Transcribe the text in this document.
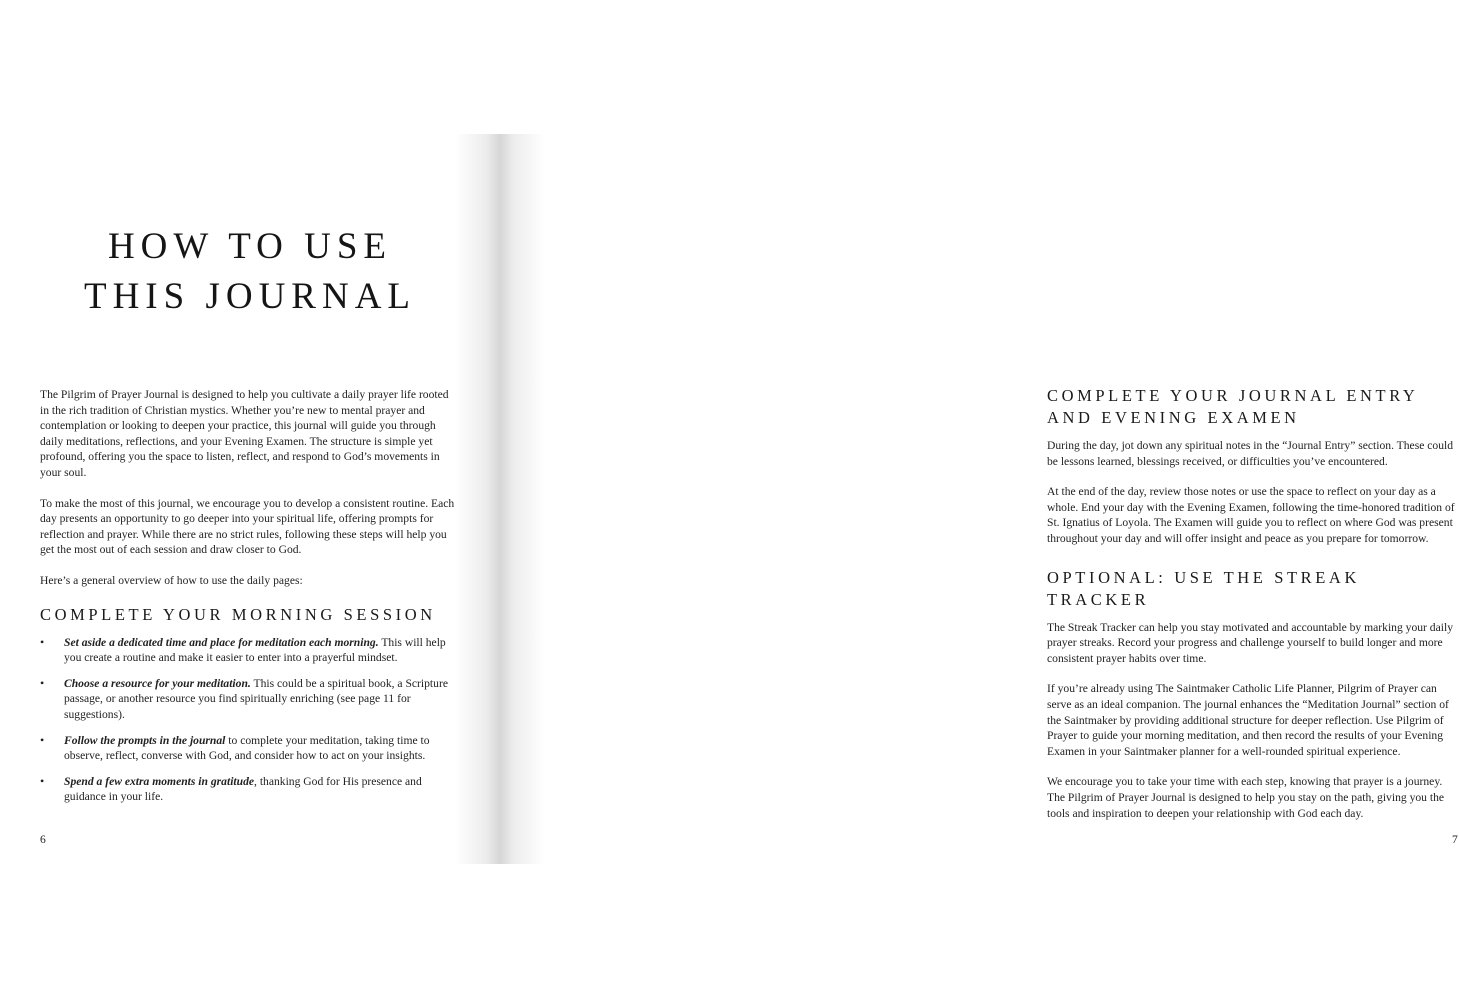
HOW TO USE
THIS JOURNAL

The Pilgrim of Prayer Journal is designed to help you cultivate a daily prayer life rooted in the rich tradition of Christian mystics. Whether you’re new to mental prayer and contemplation or looking to deepen your practice, this journal will guide you through daily meditations, reflections, and your Evening Examen. The structure is simple yet profound, offering you the space to listen, reflect, and respond to God’s movements in your soul.

To make the most of this journal, we encourage you to develop a consistent routine. Each day presents an opportunity to go deeper into your spiritual life, offering prompts for reflection and prayer. While there are no strict rules, following these steps will help you get the most out of each session and draw closer to God.

Here’s a general overview of how to use the daily pages:

COMPLETE YOUR MORNING SESSION
• Set aside a dedicated time and place for meditation each morning. This will help you create a routine and make it easier to enter into a prayerful mindset.
• Choose a resource for your meditation. This could be a spiritual book, a Scripture passage, or another resource you find spiritually enriching (see page 11 for suggestions).
• Follow the prompts in the journal to complete your meditation, taking time to observe, reflect, converse with God, and consider how to act on your insights.
• Spend a few extra moments in gratitude, thanking God for His presence and guidance in your life.
6
COMPLETE YOUR JOURNAL ENTRY AND EVENING EXAMEN

During the day, jot down any spiritual notes in the “Journal Entry” section. These could be lessons learned, blessings received, or difficulties you’ve encountered.

At the end of the day, review those notes or use the space to reflect on your day as a whole. End your day with the Evening Examen, following the time-honored tradition of St. Ignatius of Loyola. The Examen will guide you to reflect on where God was present throughout your day and will offer insight and peace as you prepare for tomorrow.

OPTIONAL: USE THE STREAK TRACKER

The Streak Tracker can help you stay motivated and accountable by marking your daily prayer streaks. Record your progress and challenge yourself to build longer and more consistent prayer habits over time.

If you’re already using The Saintmaker Catholic Life Planner, Pilgrim of Prayer can serve as an ideal companion. The journal enhances the “Meditation Journal” section of the Saintmaker by providing additional structure for deeper reflection. Use Pilgrim of Prayer to guide your morning meditation, and then record the results of your Evening Examen in your Saintmaker planner for a well-rounded spiritual experience.

We encourage you to take your time with each step, knowing that prayer is a journey. The Pilgrim of Prayer Journal is designed to help you stay on the path, giving you the tools and inspiration to deepen your relationship with God each day.

7
